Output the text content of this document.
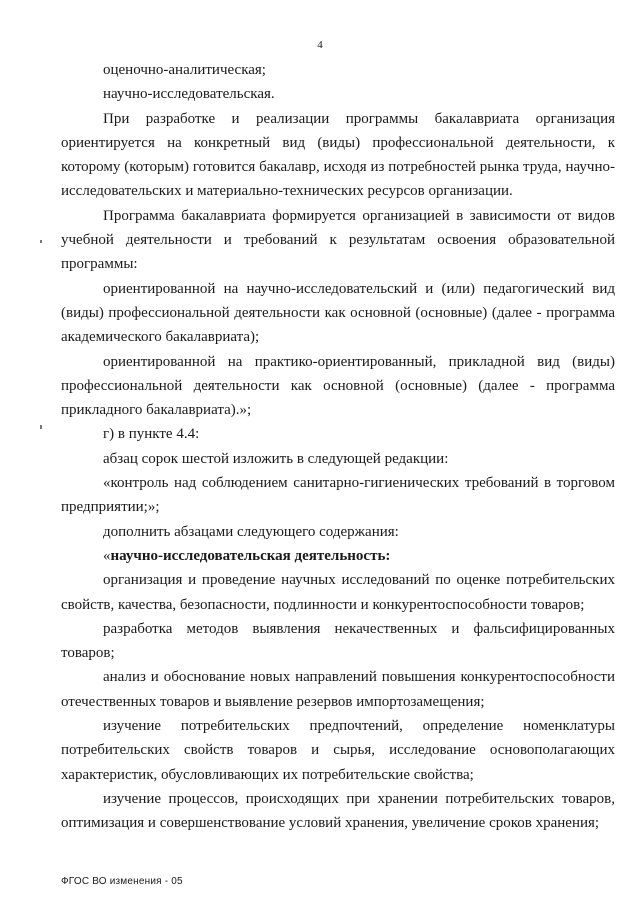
4

оценочно-аналитическая;

научно-исследовательская.

При разработке и реализации программы бакалавриата организация ориентируется на конкретный вид (виды) профессиональной деятельности, к которому (которым) готовится бакалавр, исходя из потребностей рынка труда, научно-исследовательских и материально-технических ресурсов организации.

Программа бакалавриата формируется организацией в зависимости от видов учебной деятельности и требований к результатам освоения образовательной программы:

ориентированной на научно-исследовательский и (или) педагогический вид (виды) профессиональной деятельности как основной (основные) (далее - программа академического бакалавриата);

ориентированной на практико-ориентированный, прикладной вид (виды) профессиональной деятельности как основной (основные) (далее - программа прикладного бакалавриата).»;

г) в пункте 4.4:

абзац сорок шестой изложить в следующей редакции:

«контроль над соблюдением санитарно-гигиенических требований в торговом предприятии;»;

дополнить абзацами следующего содержания:

«научно-исследовательская деятельность:

организация и проведение научных исследований по оценке потребительских свойств, качества, безопасности, подлинности и конкурентоспособности товаров;

разработка методов выявления некачественных и фальсифицированных товаров;

анализ и обоснование новых направлений повышения конкурентоспособности отечественных товаров и выявление резервов импортозамещения;

изучение потребительских предпочтений, определение номенклатуры потребительских свойств товаров и сырья, исследование основополагающих характеристик, обусловливающих их потребительские свойства;

изучение процессов, происходящих при хранении потребительских товаров, оптимизация и совершенствование условий хранения, увеличение сроков хранения;

ФГОС ВО изменения - 05
